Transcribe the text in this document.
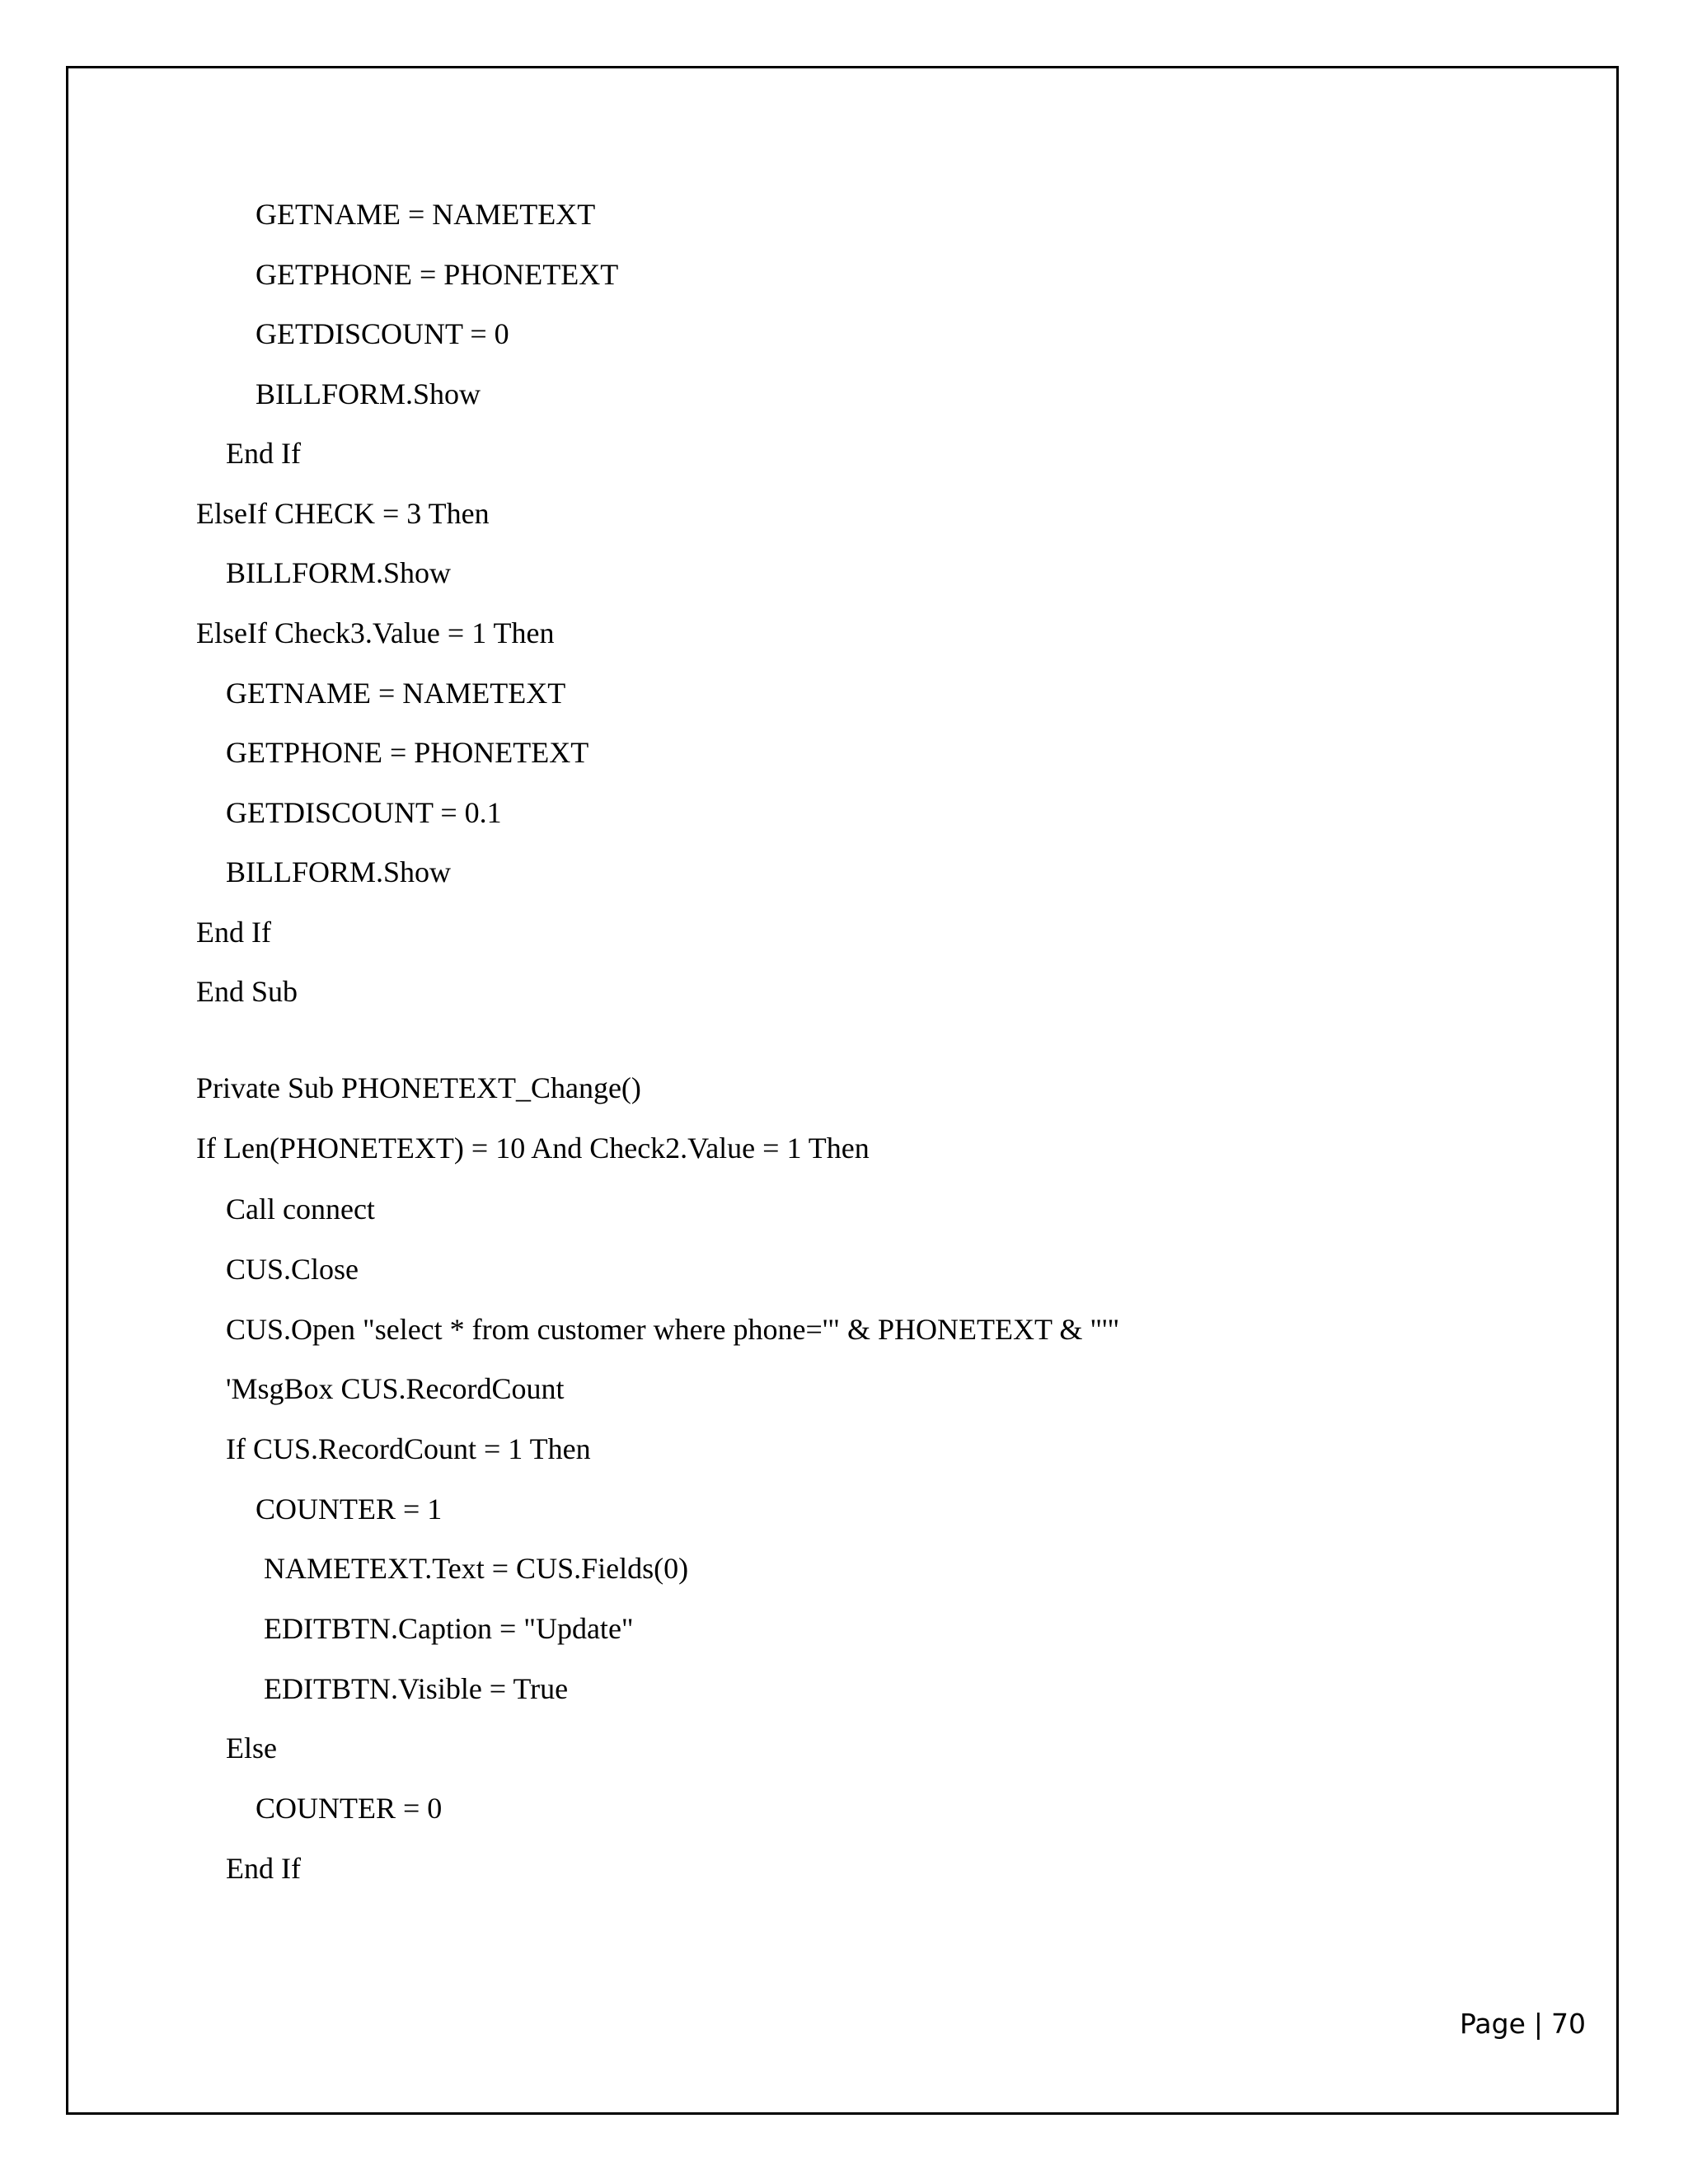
GETNAME = NAMETEXT
GETPHONE = PHONETEXT
GETDISCOUNT = 0
BILLFORM.Show
End If
ElseIf CHECK = 3 Then
BILLFORM.Show
ElseIf Check3.Value = 1 Then
GETNAME = NAMETEXT
GETPHONE = PHONETEXT
GETDISCOUNT = 0.1
BILLFORM.Show
End If
End Sub
Private Sub PHONETEXT_Change()
If Len(PHONETEXT) = 10 And Check2.Value = 1 Then
Call connect
CUS.Close
CUS.Open "select * from customer where phone='" & PHONETEXT & "'"
'MsgBox CUS.RecordCount
If CUS.RecordCount = 1 Then
COUNTER = 1
NAMETEXT.Text = CUS.Fields(0)
EDITBTN.Caption = "Update"
EDITBTN.Visible = True
Else
COUNTER = 0
End If
Page | 70
